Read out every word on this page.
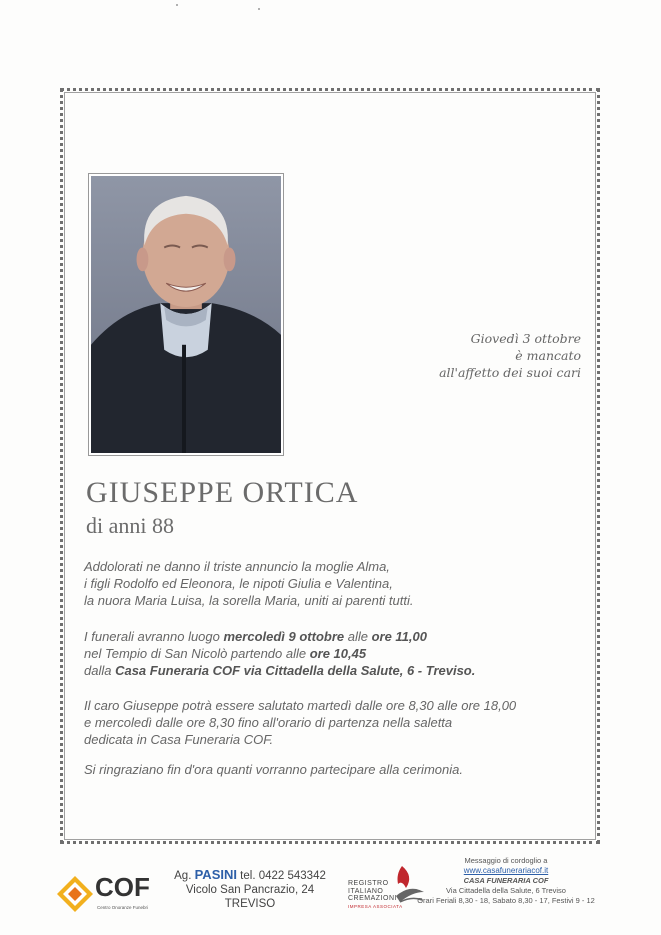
Giovedì 3 ottobre
è mancato
all'affetto dei suoi cari
GIUSEPPE ORTICA
di anni 88
Addolorati ne danno il triste annuncio la moglie Alma,
i figli Rodolfo ed Eleonora, le nipoti Giulia e Valentina,
la nuora Maria Luisa, la sorella Maria, uniti ai parenti tutti.
I funerali avranno luogo mercoledì 9 ottobre alle ore 11,00
nel Tempio di San Nicolò partendo alle ore 10,45
dalla Casa Funeraria COF via Cittadella della Salute, 6 - Treviso.
Il caro Giuseppe potrà essere salutato martedì dalle ore 8,30 alle ore 18,00
e mercoledì dalle ore 8,30 fino all'orario di partenza nella saletta
dedicata in Casa Funeraria COF.
Si ringraziano fin d'ora quanti vorranno partecipare alla cerimonia.
COF
Centro Onoranze Funebri
Ag. PASINI tel. 0422 543342
Vicolo San Pancrazio, 24
TREVISO
REGISTRO
ITALIANO
CREMAZIONI
IMPRESA ASSOCIATA
Messaggio di cordoglio a
www.casafunerariacof.it
CASA FUNERARIA COF
Via Cittadella della Salute, 6 Treviso
Orari Feriali 8,30 - 18, Sabato 8,30 - 17, Festivi 9 - 12
